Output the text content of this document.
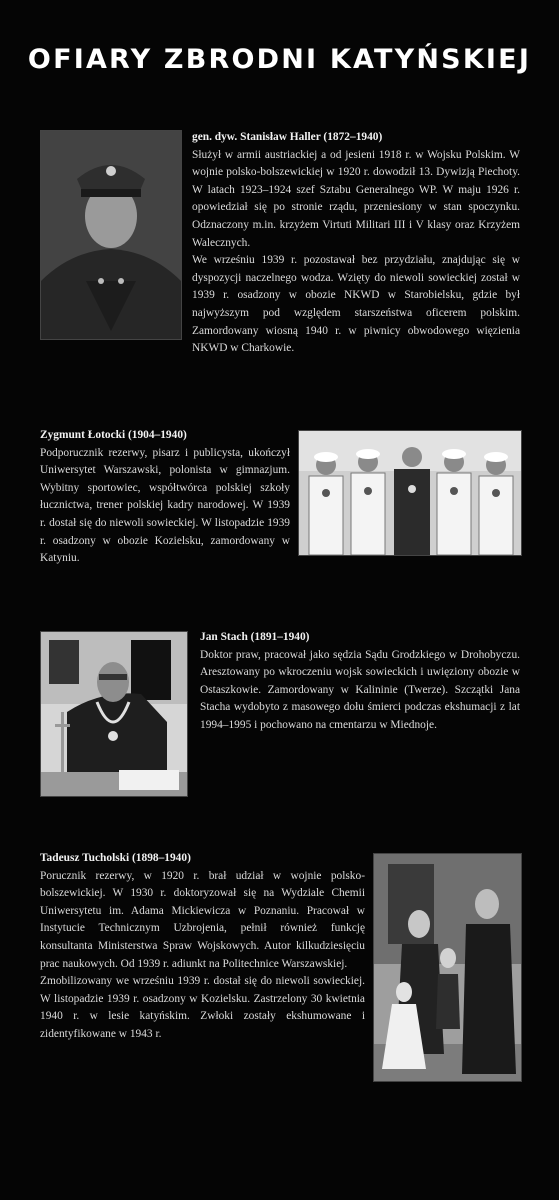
OFIARY ZBRODNI KATYŃSKIEJ

gen. dyw. Stanisław Haller (1872–1940)

Służył w armii austriackiej a od jesieni 1918 r. w Wojsku Polskim. W wojnie polsko-bolszewickiej w 1920 r. dowodził 13. Dywizją Piechoty. W latach 1923–1924 szef Sztabu Generalnego WP. W maju 1926 r. opowiedział się po stronie rządu, przeniesiony w stan spoczynku. Odznaczony m.in. krzyżem Virtuti Militari III i V klasy oraz Krzyżem Walecznych.

We wrześniu 1939 r. pozostawał bez przydziału, znajdując się w dyspozycji naczelnego wodza. Wzięty do niewoli sowieckiej został w 1939 r. osadzony w obozie NKWD w Starobielsku, gdzie był najwyższym pod względem starszeństwa oficerem polskim. Zamordowany wiosną 1940 r. w piwnicy obwodowego więzienia NKWD w Charkowie.

Zygmunt Łotocki (1904–1940)

Podporucznik rezerwy, pisarz i publicysta, ukończył Uniwersytet Warszawski, polonista w gimnazjum. Wybitny sportowiec, współtwórca polskiej szkoły łucznictwa, trener polskiej kadry narodowej. W 1939 r. dostał się do niewoli sowieckiej. W listopadzie 1939 r. osadzony w obozie Kozielsku, zamordowany w Katyniu.

Jan Stach (1891–1940)

Doktor praw, pracował jako sędzia Sądu Grodzkiego w Drohobyczu. Aresztowany po wkroczeniu wojsk sowieckich i uwięziony obozie w Ostaszkowie. Zamordowany w Kalininie (Twerze). Szczątki Jana Stacha wydobyto z masowego dołu śmierci podczas ekshumacji z lat 1994–1995 i pochowano na cmentarzu w Miednoje.

Tadeusz Tucholski (1898–1940)

Porucznik rezerwy, w 1920 r. brał udział w wojnie polsko-bolszewickiej. W 1930 r. doktoryzował się na Wydziale Chemii Uniwersytetu im. Adama Mickiewicza w Poznaniu. Pracował w Instytucie Technicznym Uzbrojenia, pełnił również funkcję konsultanta Ministerstwa Spraw Wojskowych. Autor kilkudziesięciu prac naukowych. Od 1939 r. adiunkt na Politechnice Warszawskiej.

Zmobilizowany we wrześniu 1939 r. dostał się do niewoli sowieckiej. W listopadzie 1939 r. osadzony w Kozielsku. Zastrzelony 30 kwietnia 1940 r. w lesie katyńskim. Zwłoki zostały ekshumowane i zidentyfikowane w 1943 r.
